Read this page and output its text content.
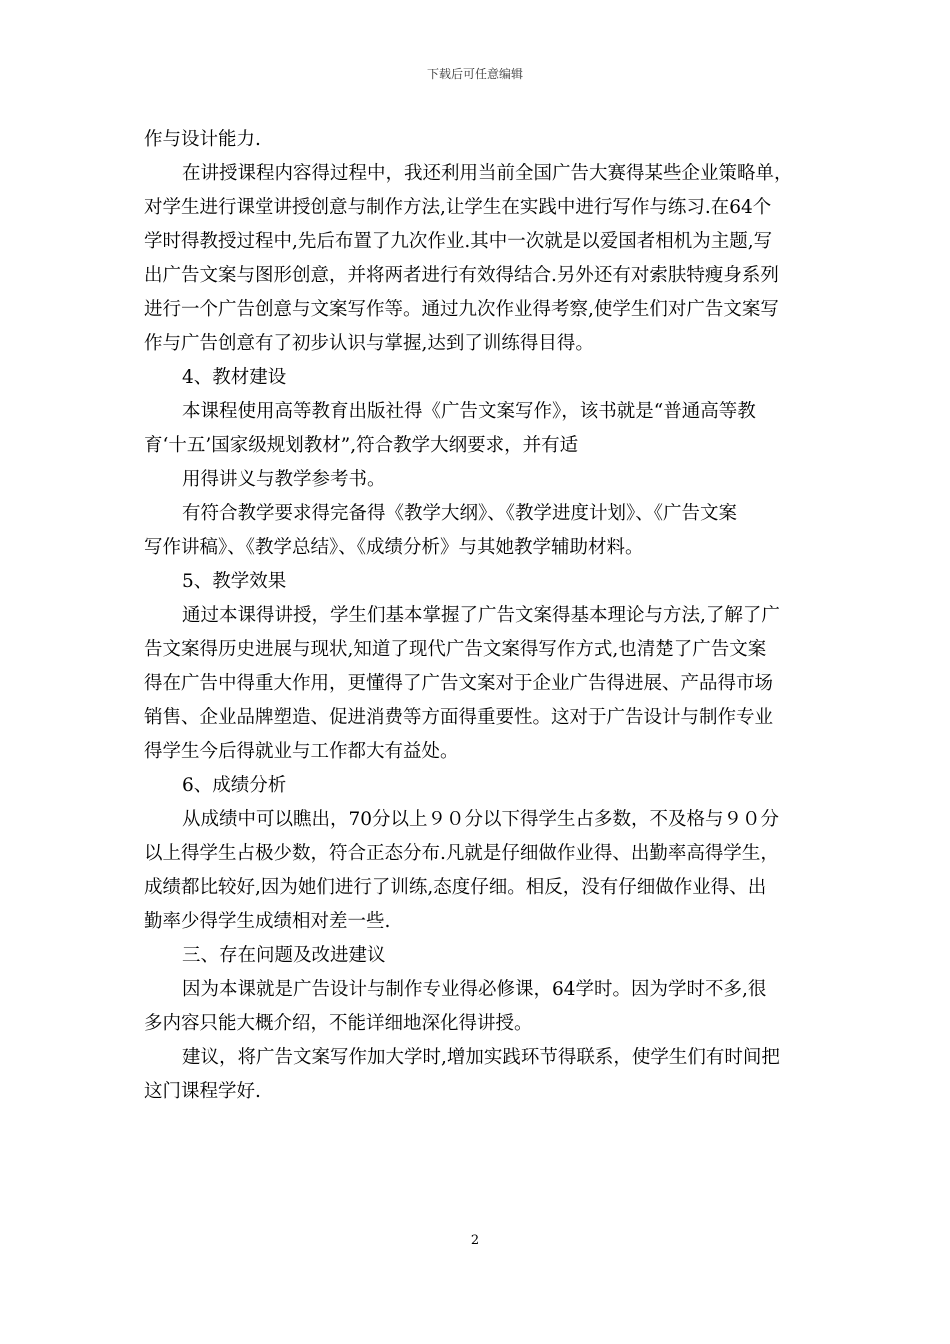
下载后可任意编辑
作与设计能力.
在讲授课程内容得过程中，我还利用当前全国广告大赛得某些企业策略单，
对学生进行课堂讲授创意与制作方法,让学生在实践中进行写作与练习.在64个
学时得教授过程中,先后布置了九次作业.其中一次就是以爱国者相机为主题,写
出广告文案与图形创意，并将两者进行有效得结合.另外还有对索肤特瘦身系列
进行一个广告创意与文案写作等。通过九次作业得考察,使学生们对广告文案写
作与广告创意有了初步认识与掌握,达到了训练得目得。
4、教材建设
本课程使用高等教育出版社得《广告文案写作》，该书就是“普通高等教
育‘十五’国家级规划教材”,符合教学大纲要求，并有适
用得讲义与教学参考书。
有符合教学要求得完备得《教学大纲》、《教学进度计划》、《广告文案
写作讲稿》、《教学总结》、《成绩分析》与其她教学辅助材料。
5、教学效果
通过本课得讲授，学生们基本掌握了广告文案得基本理论与方法,了解了广
告文案得历史进展与现状,知道了现代广告文案得写作方式,也清楚了广告文案
得在广告中得重大作用，更懂得了广告文案对于企业广告得进展、产品得市场
销售、企业品牌塑造、促进消费等方面得重要性。这对于广告设计与制作专业
得学生今后得就业与工作都大有益处。
6、成绩分析
从成绩中可以瞧出，70分以上９０分以下得学生占多数，不及格与９０分
以上得学生占极少数，符合正态分布.凡就是仔细做作业得、出勤率高得学生，
成绩都比较好,因为她们进行了训练,态度仔细。相反，没有仔细做作业得、出
勤率少得学生成绩相对差一些.
三、存在问题及改进建议
因为本课就是广告设计与制作专业得必修课，64学时。因为学时不多,很
多内容只能大概介绍，不能详细地深化得讲授。
建议，将广告文案写作加大学时,增加实践环节得联系，使学生们有时间把
这门课程学好.
2
